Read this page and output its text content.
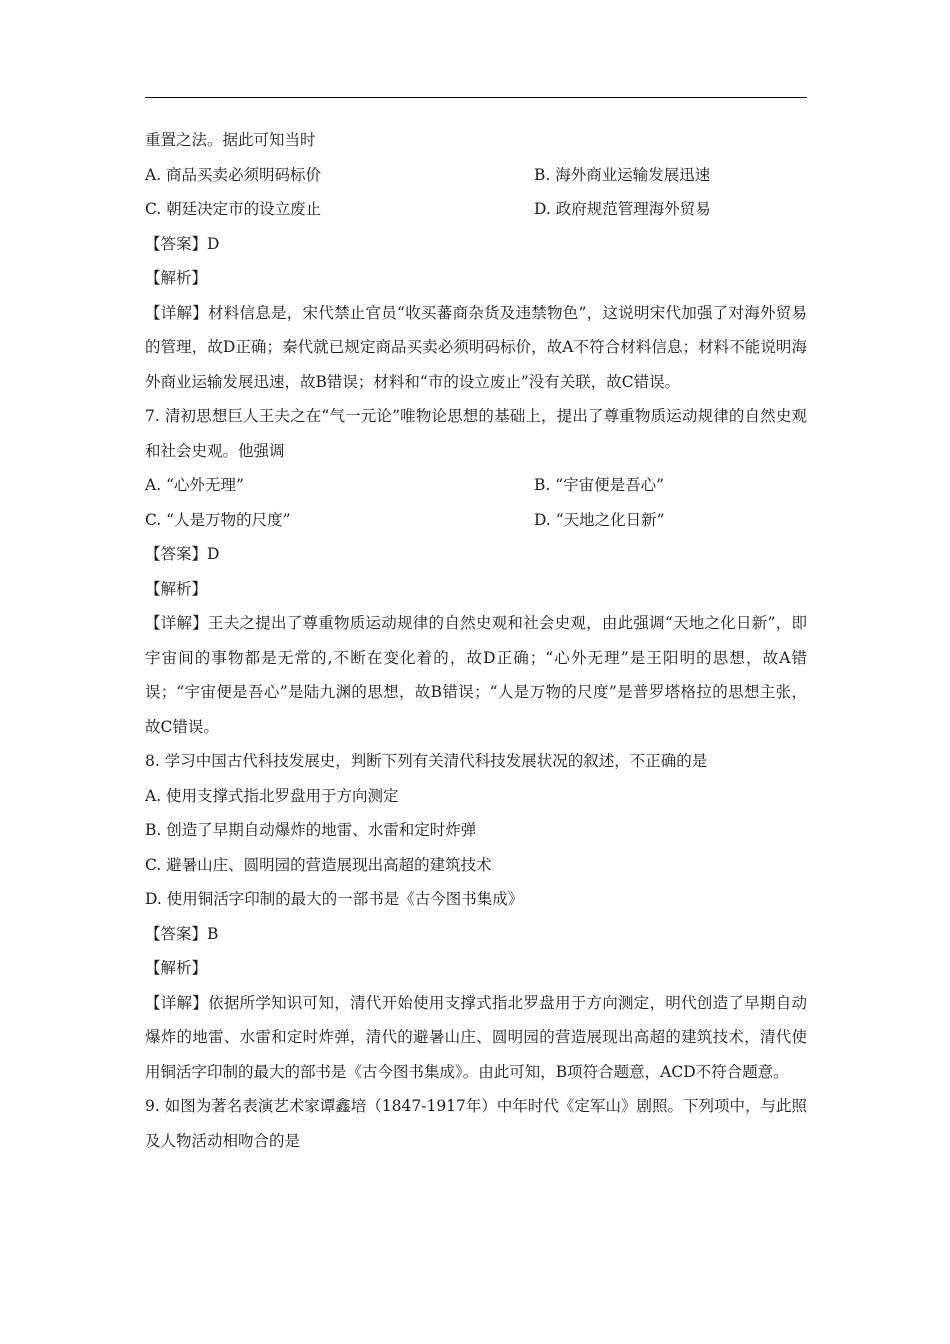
重置之法。据此可知当时
A. 商品买卖必须明码标价	B. 海外商业运输发展迅速
C. 朝廷决定市的设立废止	D. 政府规范管理海外贸易
【答案】D
【解析】
【详解】材料信息是，宋代禁止官员“收买蕃商杂货及违禁物色”，这说明宋代加强了对海外贸易的管理，故D正确；秦代就已规定商品买卖必须明码标价，故A不符合材料信息；材料不能说明海外商业运输发展迅速，故B错误；材料和“市的设立废止”没有关联，故C错误。
7. 清初思想巨人王夫之在“气一元论”唯物论思想的基础上，提出了尊重物质运动规律的自然史观和社会史观。他强调
A. “心外无理”	B. “宇宙便是吾心”
C. “人是万物的尺度”	D. “天地之化日新”
【答案】D
【解析】
【详解】王夫之提出了尊重物质运动规律的自然史观和社会史观，由此强调“天地之化日新”，即宇宙间的事物都是无常的,不断在变化着的，故D正确；“心外无理”是王阳明的思想，故A错误；“宇宙便是吾心”是陆九渊的思想，故B错误；“人是万物的尺度”是普罗塔格拉的思想主张，故C错误。
8. 学习中国古代科技发展史，判断下列有关清代科技发展状况的叙述，不正确的是
A. 使用支撑式指北罗盘用于方向测定
B. 创造了早期自动爆炸的地雷、水雷和定时炸弹
C. 避暑山庄、圆明园的营造展现出高超的建筑技术
D. 使用铜活字印制的最大的一部书是《古今图书集成》
【答案】B
【解析】
【详解】依据所学知识可知，清代开始使用支撑式指北罗盘用于方向测定，明代创造了早期自动爆炸的地雷、水雷和定时炸弹，清代的避暑山庄、圆明园的营造展现出高超的建筑技术，清代使用铜活字印制的最大的部书是《古今图书集成》。由此可知，B项符合题意，ACD不符合题意。
9. 如图为著名表演艺术家谭鑫培（1847-1917年）中年时代《定军山》剧照。下列项中，与此照及人物活动相吻合的是
